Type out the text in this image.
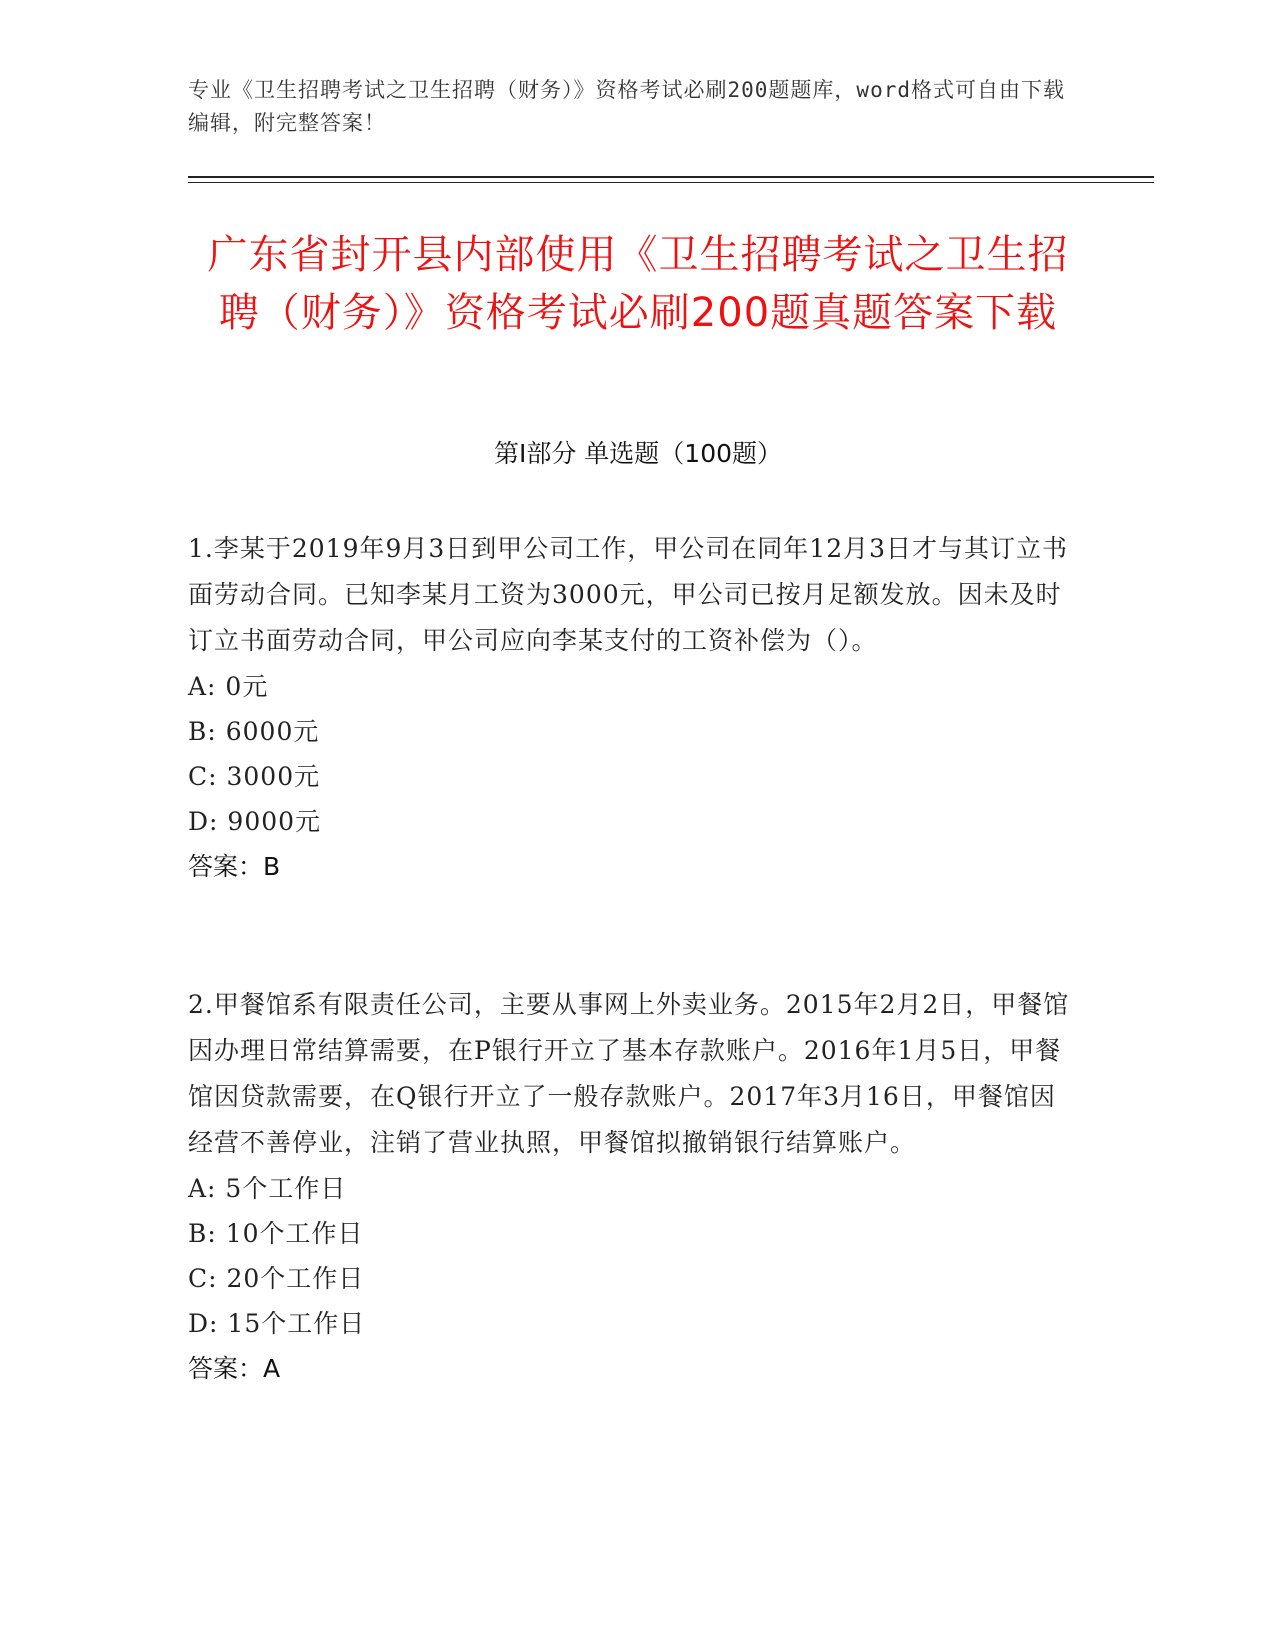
专业《卫生招聘考试之卫生招聘（财务）》资格考试必刷200题题库，word格式可自由下载编辑，附完整答案！
广东省封开县内部使用《卫生招聘考试之卫生招聘（财务）》资格考试必刷200题真题答案下载
第I部分 单选题（100题）
1.李某于2019年9月3日到甲公司工作，甲公司在同年12月3日才与其订立书面劳动合同。已知李某月工资为3000元，甲公司已按月足额发放。因未及时订立书面劳动合同，甲公司应向李某支付的工资补偿为（）。
A: 0元
B: 6000元
C: 3000元
D: 9000元
答案：B
2.甲餐馆系有限责任公司，主要从事网上外卖业务。2015年2月2日，甲餐馆因办理日常结算需要，在P银行开立了基本存款账户。2016年1月5日，甲餐馆因贷款需要，在Q银行开立了一般存款账户。2017年3月16日，甲餐馆因经营不善停业，注销了营业执照，甲餐馆拟撤销银行结算账户。
A: 5个工作日
B: 10个工作日
C: 20个工作日
D: 15个工作日
答案：A
